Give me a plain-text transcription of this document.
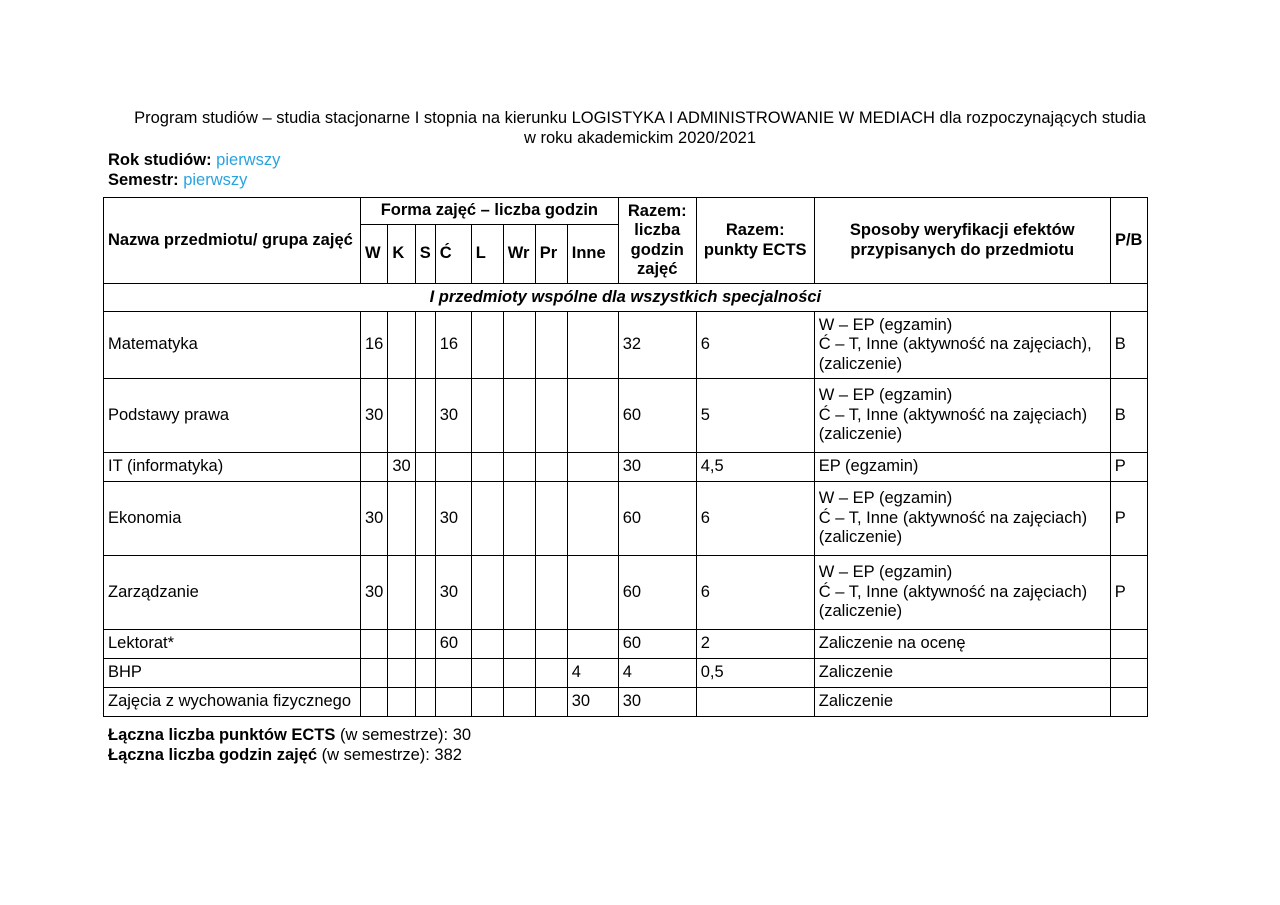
Program studiów – studia stacjonarne I stopnia na kierunku LOGISTYKA I ADMINISTROWANIE W MEDIACH dla rozpoczynających studia
w roku akademickim 2020/2021
Rok studiów: pierwszy
Semestr: pierwszy
Nazwa przedmiotu/ grupa zajęć	Forma zajęć – liczba godzin								Razem: liczba godzin zajęć	Razem: punkty ECTS	Sposoby weryfikacji efektów przypisanych do przedmiotu	P/B
	W	K	S	Ć	L	Wr	Pr	Inne				
I przedmioty wspólne dla wszystkich specjalności												
Matematyka	16			16					32	6	W – EP (egzamin)
Ć – T, Inne (aktywność na zajęciach),
(zaliczenie)	B
Podstawy prawa	30			30					60	5	W – EP (egzamin)
Ć – T, Inne (aktywność na zajęciach)
(zaliczenie)	B
IT (informatyka)		30							30	4,5	EP (egzamin)	P
Ekonomia	30			30					60	6	W – EP (egzamin)
Ć – T, Inne (aktywność na zajęciach)
(zaliczenie)	P
Zarządzanie	30			30					60	6	W – EP (egzamin)
Ć – T, Inne (aktywność na zajęciach)
(zaliczenie)	P
Lektorat*				60					60	2	Zaliczenie na ocenę	

BHP								4	4	0,5	Zaliczenie	

Zajęcia z wychowania fizycznego								30	30		Zaliczenie	

Łączna liczba punktów ECTS (w semestrze): 30
Łączna liczba godzin zajęć (w semestrze): 382
